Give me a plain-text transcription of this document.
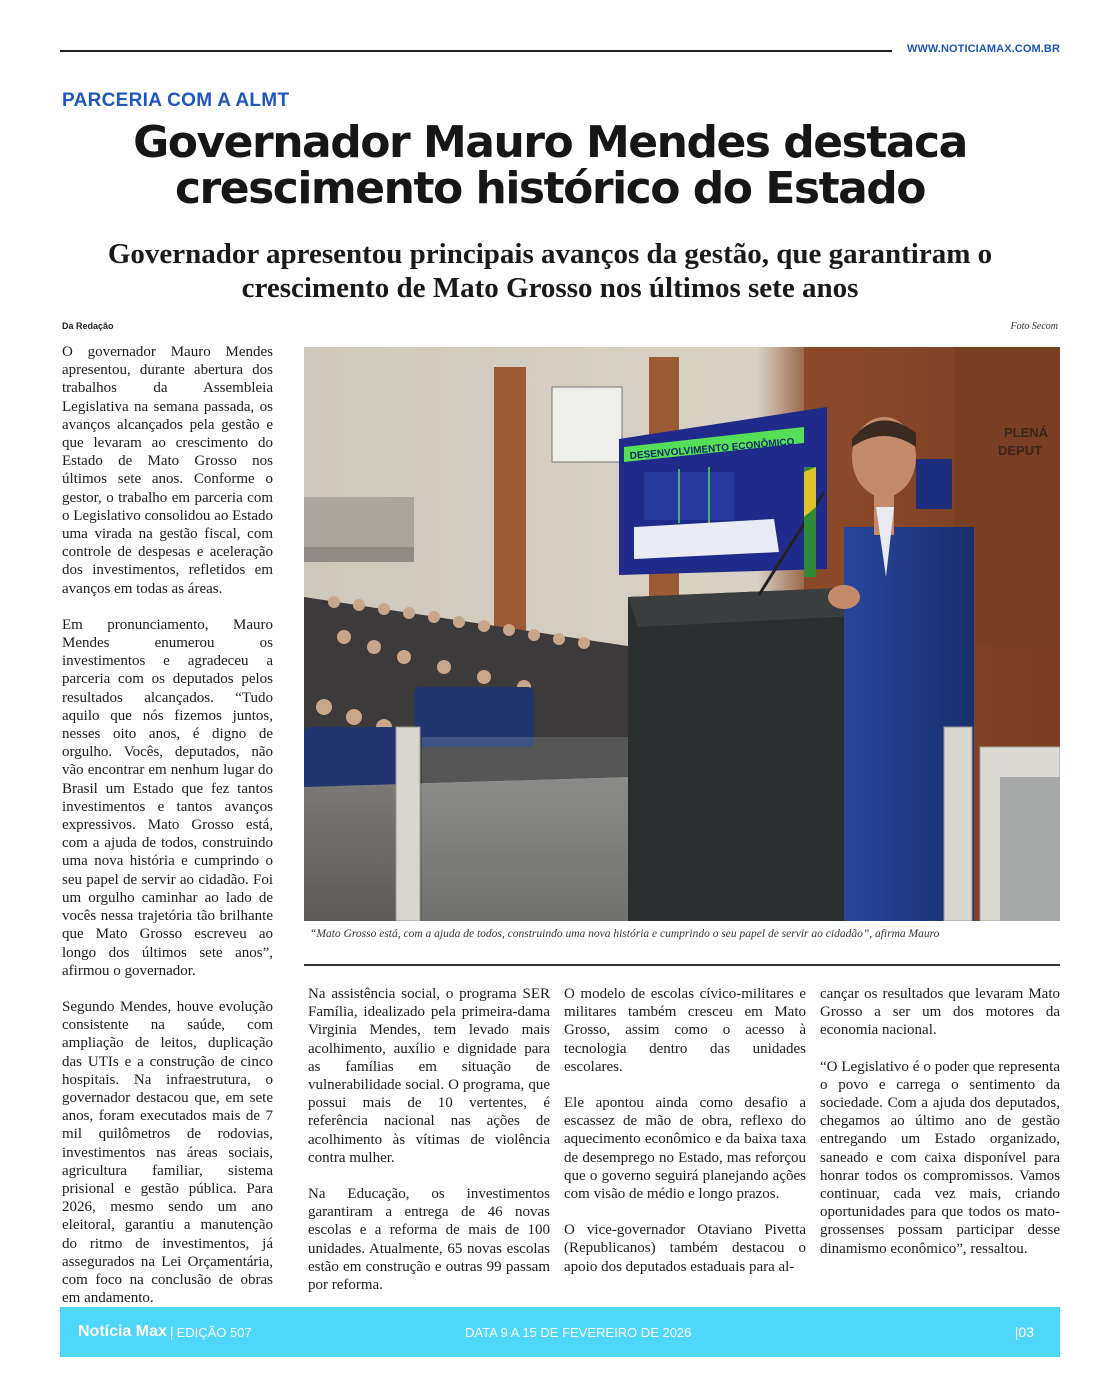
WWW.NOTICIAMAX.COM.BR
PARCERIA COM A ALMT
Governador Mauro Mendes destaca
crescimento histórico do Estado
Governador apresentou principais avanços da gestão, que garantiram o
crescimento de Mato Grosso nos últimos sete anos
Da Redação	Foto Secom

O governador Mauro Mendes apresentou, durante abertura dos trabalhos da Assembleia Legislativa na semana passada, os avanços alcançados pela gestão e que levaram ao crescimento do Estado de Mato Grosso nos últimos sete anos. Conforme o gestor, o trabalho em parceria com o Legislativo consolidou ao Estado uma virada na gestão fiscal, com controle de despesas e aceleração dos investimentos, refletidos em avanços em todas as áreas.

Em pronunciamento, Mauro Mendes enumerou os investimentos e agradeceu a parceria com os deputados pelos resultados alcançados. “Tudo aquilo que nós fizemos juntos, nesses oito anos, é digno de orgulho. Vocês, deputados, não vão encontrar em nenhum lugar do Brasil um Estado que fez tantos investimentos e tantos avanços expressivos. Mato Grosso está, com a ajuda de todos, construindo uma nova história e cumprindo o seu papel de servir ao cidadão. Foi um orgulho caminhar ao lado de vocês nessa trajetória tão brilhante que Mato Grosso escreveu ao longo dos últimos sete anos”, afirmou o governador.

Segundo Mendes, houve evolução consistente na saúde, com ampliação de leitos, duplicação das UTIs e a construção de cinco hospitais. Na infraestrutura, o governador destacou que, em sete anos, foram executados mais de 7 mil quilômetros de rodovias, investimentos nas áreas sociais, agricultura familiar, sistema prisional e gestão pública. Para 2026, mesmo sendo um ano eleitoral, garantiu a manutenção do ritmo de investimentos, já assegurados na Lei Orçamentária, com foco na conclusão de obras em andamento.

DESENVOLVIMENTO ECONÔMICO
PLENÁ
DEPUT
“Mato Grosso está, com a ajuda de todos, construindo uma nova história e cumprindo o seu papel de servir ao cidadão”, afirma Mauro

Na assistência social, o programa SER Família, idealizado pela primeira-dama Virginia Mendes, tem levado mais acolhimento, auxílio e dignidade para as famílias em situação de vulnerabilidade social. O programa, que possui mais de 10 vertentes, é referência nacional nas ações de acolhimento às vítimas de violência contra mulher.

Na Educação, os investimentos garantiram a entrega de 46 novas escolas e a reforma de mais de 100 unidades. Atualmente, 65 novas escolas estão em construção e outras 99 passam por reforma.

O modelo de escolas cívico-militares e militares também cresceu em Mato Grosso, assim como o acesso à tecnologia dentro das unidades escolares.

Ele apontou ainda como desafio a escassez de mão de obra, reflexo do aquecimento econômico e da baixa taxa de desemprego no Estado, mas reforçou que o governo seguirá planejando ações com visão de médio e longo prazos.

O vice-governador Otaviano Pivetta (Republicanos) também destacou o apoio dos deputados estaduais para al-

cançar os resultados que levaram Mato Grosso a ser um dos motores da economia nacional.

“O Legislativo é o poder que representa o povo e carrega o sentimento da sociedade. Com a ajuda dos deputados, chegamos ao último ano de gestão entregando um Estado organizado, saneado e com caixa disponível para honrar todos os compromissos. Vamos continuar, cada vez mais, criando oportunidades para que todos os mato-grossenses possam participar desse dinamismo econômico”, ressaltou.

Notícia Max | EDIÇÃO 507	DATA 9 A 15 DE FEVEREIRO DE 2026	|03
